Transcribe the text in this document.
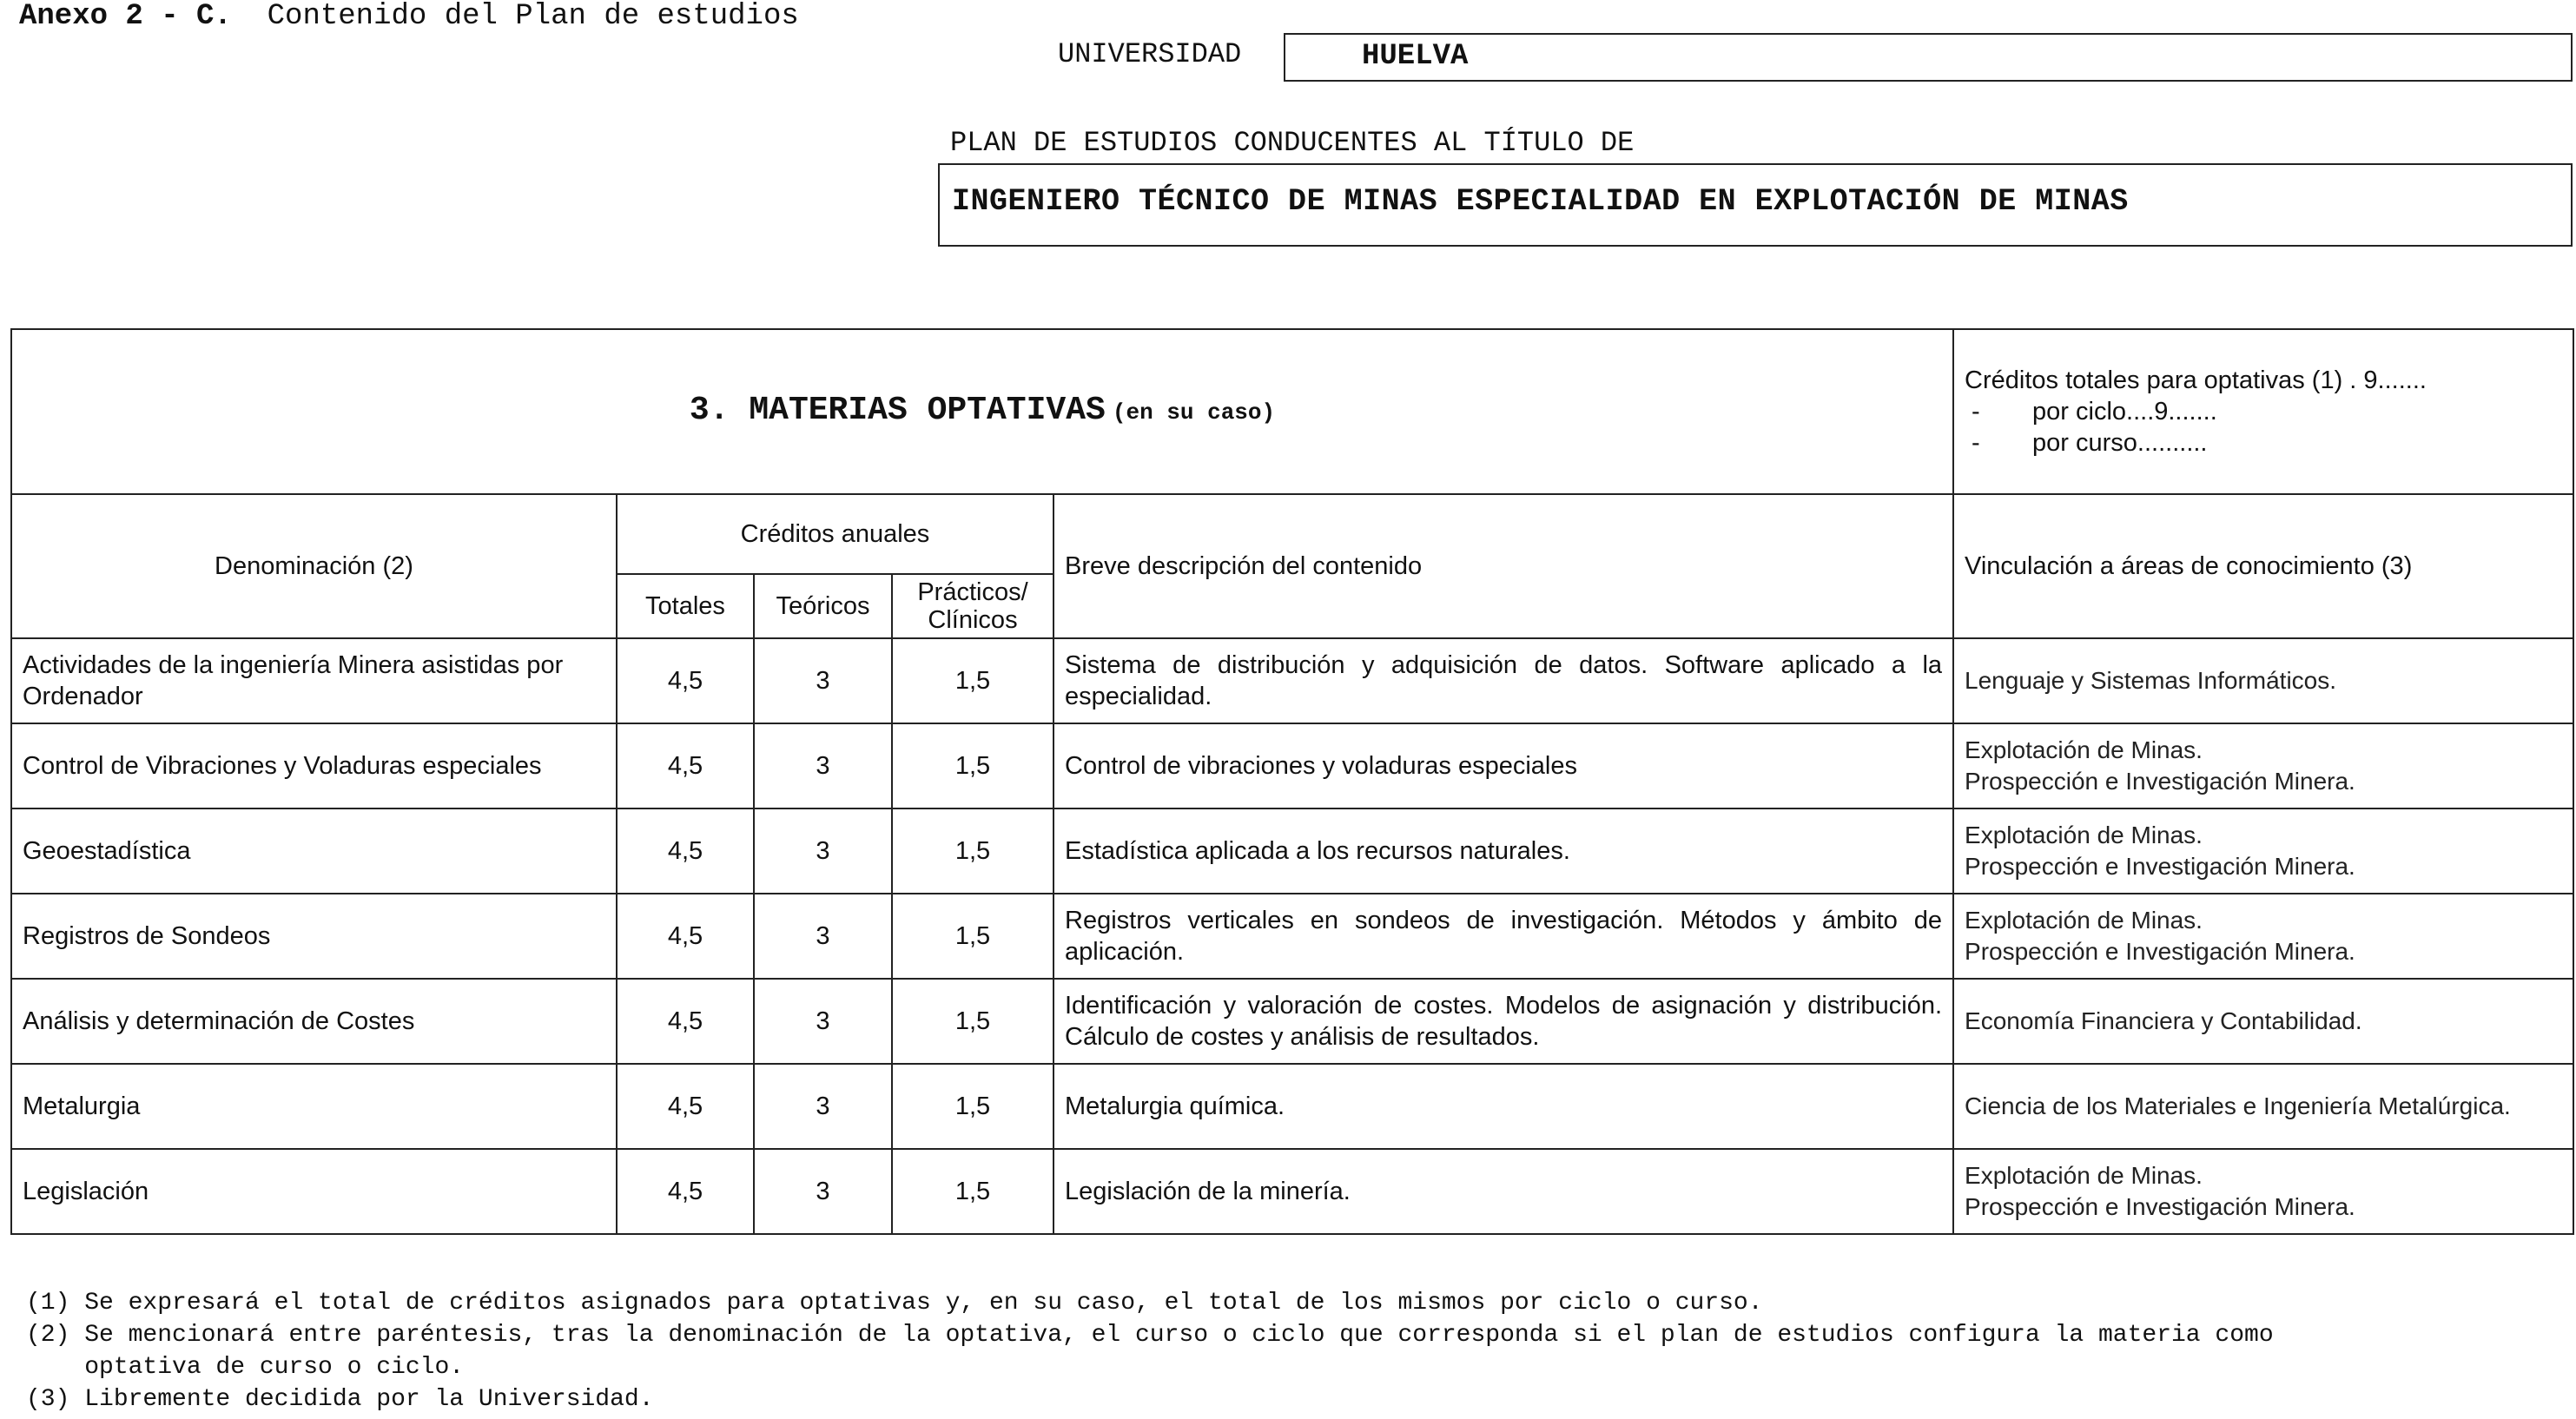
Anexo 2 - C. Contenido del Plan de estudios
UNIVERSIDAD	HUELVA
PLAN DE ESTUDIOS CONDUCENTES AL TÍTULO DE
INGENIERO TÉCNICO DE MINAS ESPECIALIDAD EN EXPLOTACIÓN DE MINAS
3. MATERIAS OPTATIVAS (en su caso)					Créditos totales para optativas (1) . 9.......
- por ciclo....9.......
- por curso..........

Denominación (2)	Créditos anuales			Breve descripción del contenido	Vinculación a áreas de conocimiento (3)
	Totales	Teóricos	Prácticos/ Clínicos		
Actividades de la ingeniería Minera asistidas por Ordenador	4,5	3	1,5	Sistema de distribución y adquisición de datos. Software aplicado a la especialidad.	Lenguaje y Sistemas Informáticos.

Control de Vibraciones y Voladuras especiales	4,5	3	1,5	Control de vibraciones y voladuras especiales	Explotación de Minas.
Prospección e Investigación Minera.

Geoestadística	4,5	3	1,5	Estadística aplicada a los recursos naturales.	Explotación de Minas.
Prospección e Investigación Minera.

Registros de Sondeos	4,5	3	1,5	Registros verticales en sondeos de investigación. Métodos y ámbito de aplicación.	Explotación de Minas.
Prospección e Investigación Minera.

Análisis y determinación de Costes	4,5	3	1,5	Identificación y valoración de costes. Modelos de asignación y distribución. Cálculo de costes y análisis de resultados.	Economía Financiera y Contabilidad.

Metalurgia	4,5	3	1,5	Metalurgia química.	Ciencia de los Materiales e Ingeniería Metalúrgica.

Legislación	4,5	3	1,5	Legislación de la minería.	Explotación de Minas.
Prospección e Investigación Minera.
(1) Se expresará el total de créditos asignados para optativas y, en su caso, el total de los mismos por ciclo o curso.
(2) Se mencionará entre paréntesis, tras la denominación de la optativa, el curso o ciclo que corresponda si el plan de estudios configura la materia como
optativa de curso o ciclo.
(3) Libremente decidida por la Universidad.
